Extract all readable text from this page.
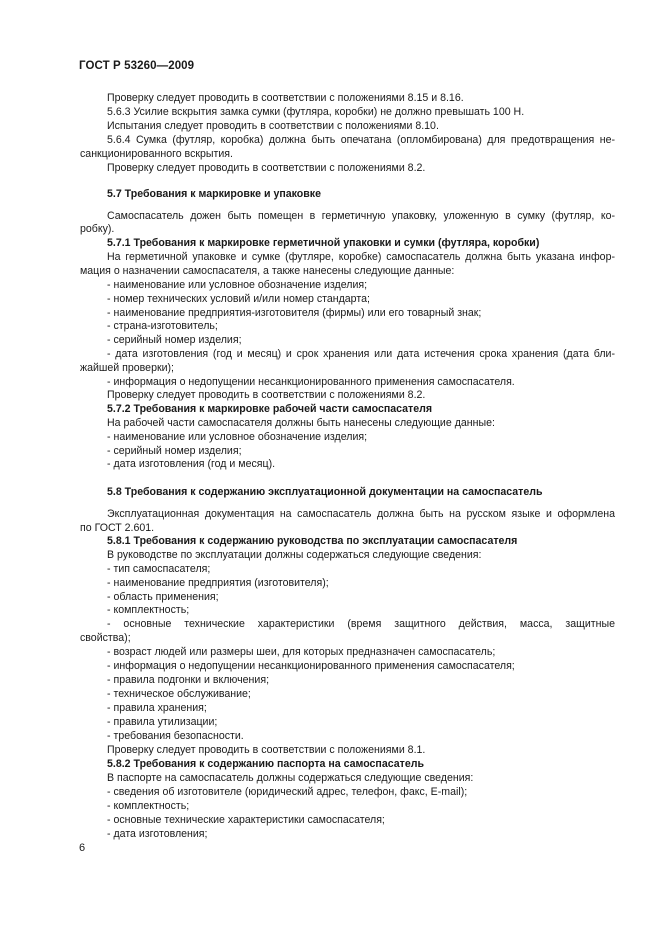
ГОСТ Р 53260—2009
Проверку следует проводить в соответствии с положениями 8.15 и 8.16.
5.6.3 Усилие вскрытия замка сумки (футляра, коробки) не должно превышать 100 Н.
Испытания следует проводить в соответствии с положениями 8.10.
5.6.4 Сумка (футляр, коробка) должна быть опечатана (опломбирована) для предотвращения не-
санкционированного вскрытия.
Проверку следует проводить в соответствии с положениями 8.2.
5.7 Требования к маркировке и упаковке
Самоспасатель дожен быть помещен в герметичную упаковку, уложенную в сумку (футляр, ко-
робку).
5.7.1 Требования к маркировке герметичной упаковки и сумки (футляра, коробки)
На герметичной упаковке и сумке (футляре, коробке) самоспасатель должна быть указана инфор-
мация о назначении самоспасателя, а также нанесены следующие данные:
- наименование или условное обозначение изделия;
- номер технических условий и/или номер стандарта;
- наименование предприятия-изготовителя (фирмы) или его товарный знак;
- страна-изготовитель;
- серийный номер изделия;
- дата изготовления (год и месяц) и срок хранения или дата истечения срока хранения (дата бли-
жайшей проверки);
- информация о недопущении несанкционированного применения самоспасателя.
Проверку следует проводить в соответствии с положениями 8.2.
5.7.2 Требования к маркировке рабочей части самоспасателя
На рабочей части самоспасателя должны быть нанесены следующие данные:
- наименование или условное обозначение изделия;
- серийный номер изделия;
- дата изготовления (год и месяц).
5.8 Требования к содержанию эксплуатационной документации на самоспасатель
Эксплуатационная документация на самоспасатель должна быть на русском языке и оформлена
по ГОСТ 2.601.
5.8.1 Требования к содержанию руководства по эксплуатации самоспасателя
В руководстве по эксплуатации должны содержаться следующие сведения:
- тип самоспасателя;
- наименование предприятия (изготовителя);
- область применения;
- комплектность;
- основные технические характеристики (время защитного действия, масса, защитные
свойства);
- возраст людей или размеры шеи, для которых предназначен самоспасатель;
- информация о недопущении несанкционированного применения самоспасателя;
- правила подгонки и включения;
- техническое обслуживание;
- правила хранения;
- правила утилизации;
- требования безопасности.
Проверку следует проводить в соответствии с положениями 8.1.
5.8.2 Требования к содержанию паспорта на самоспасатель
В паспорте на самоспасатель должны содержаться следующие сведения:
- сведения об изготовителе (юридический адрес, телефон, факс, E-mail);
- комплектность;
- основные технические характеристики самоспасателя;
- дата изготовления;
6
